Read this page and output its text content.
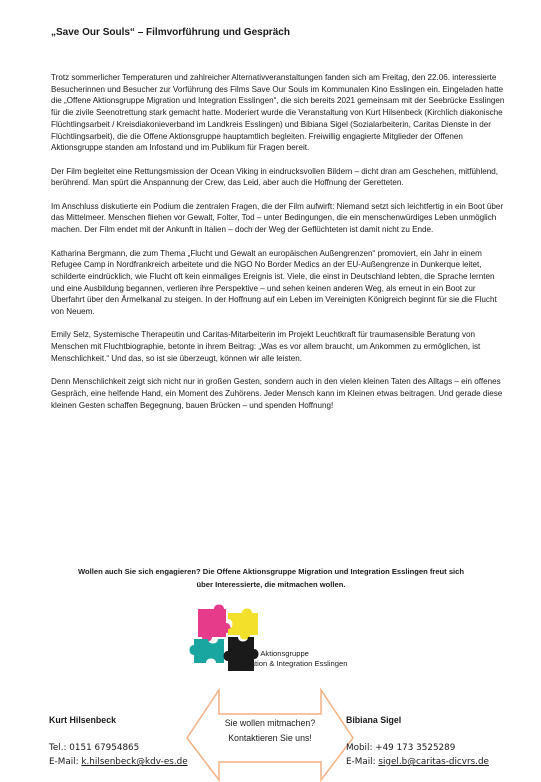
„Save Our Souls“ – Filmvorführung und Gespräch

Trotz sommerlicher Temperaturen und zahlreicher Alternativveranstaltungen fanden sich am Freitag, den 22.06. interessierte Besucherinnen und Besucher zur Vorführung des Films Save Our Souls im Kommunalen Kino Esslingen ein. Eingeladen hatte die „Offene Aktionsgruppe Migration und Integration Esslingen“, die sich bereits 2021 gemeinsam mit der Seebrücke Esslingen für die zivile Seenotrettung stark gemacht hatte. Moderiert wurde die Veranstaltung von Kurt Hilsenbeck (Kirchlich diakonische Flüchtlingsarbeit / Kreisdiakonieverband im Landkreis Esslingen) und Bibiana Sigel (Sozialarbeiterin, Caritas Dienste in der Flüchtlingsarbeit), die die Offene Aktionsgruppe hauptamtlich begleiten. Freiwillig engagierte Mitglieder der Offenen Aktionsgruppe standen am Infostand und im Publikum für Fragen bereit.

Der Film begleitet eine Rettungsmission der Ocean Viking in eindrucksvollen Bildern – dicht dran am Geschehen, mitfühlend, berührend. Man spürt die Anspannung der Crew, das Leid, aber auch die Hoffnung der Geretteten.

Im Anschluss diskutierte ein Podium die zentralen Fragen, die der Film aufwirft: Niemand setzt sich leichtfertig in ein Boot über das Mittelmeer. Menschen fliehen vor Gewalt, Folter, Tod – unter Bedingungen, die ein menschenwürdiges Leben unmöglich machen. Der Film endet mit der Ankunft in Italien – doch der Weg der Geflüchteten ist damit nicht zu Ende.

Katharina Bergmann, die zum Thema „Flucht und Gewalt an europäischen Außengrenzen“ promoviert, ein Jahr in einem Refugee Camp in Nordfrankreich arbeitete und die NGO No Border Medics an der EU-Außengrenze in Dunkerque leitet, schilderte eindrücklich, wie Flucht oft kein einmaliges Ereignis ist. Viele, die einst in Deutschland lebten, die Sprache lernten und eine Ausbildung begannen, verlieren ihre Perspektive – und sehen keinen anderen Weg, als erneut in ein Boot zur Überfahrt über den Ärmelkanal zu steigen. In der Hoffnung auf ein Leben im Vereinigten Königreich beginnt für sie die Flucht von Neuem.

Emily Selz, Systemische Therapeutin und Caritas-Mitarbeiterin im Projekt Leuchtkraft für traumasensible Beratung von Menschen mit Fluchtbiographie, betonte in ihrem Beitrag: „Was es vor allem braucht, um Ankommen zu ermöglichen, ist Menschlichkeit.“ Und das, so ist sie überzeugt, können wir alle leisten.

Denn Menschlichkeit zeigt sich nicht nur in großen Gesten, sondern auch in den vielen kleinen Taten des Alltags – ein offenes Gespräch, eine helfende Hand, ein Moment des Zuhörens. Jeder Mensch kann im Kleinen etwas beitragen. Und gerade diese kleinen Gesten schaffen Begegnung, bauen Brücken – und spenden Hoffnung!

Wollen auch Sie sich engagieren? Die Offene Aktionsgruppe Migration und Integration Esslingen freut sich
über Interessierte, die mitmachen wollen.
Offene Aktionsgruppe
Migration & Integration Esslingen
Sie wollen mitmachen?
Kontaktieren Sie uns!
Kurt Hilsenbeck
Tel.: 0151 67954865
E-Mail: k.hilsenbeck@kdv-es.de
Bibiana Sigel
Mobil: +49 173 3525289
E-Mail: sigel.b@caritas-dicvrs.de
